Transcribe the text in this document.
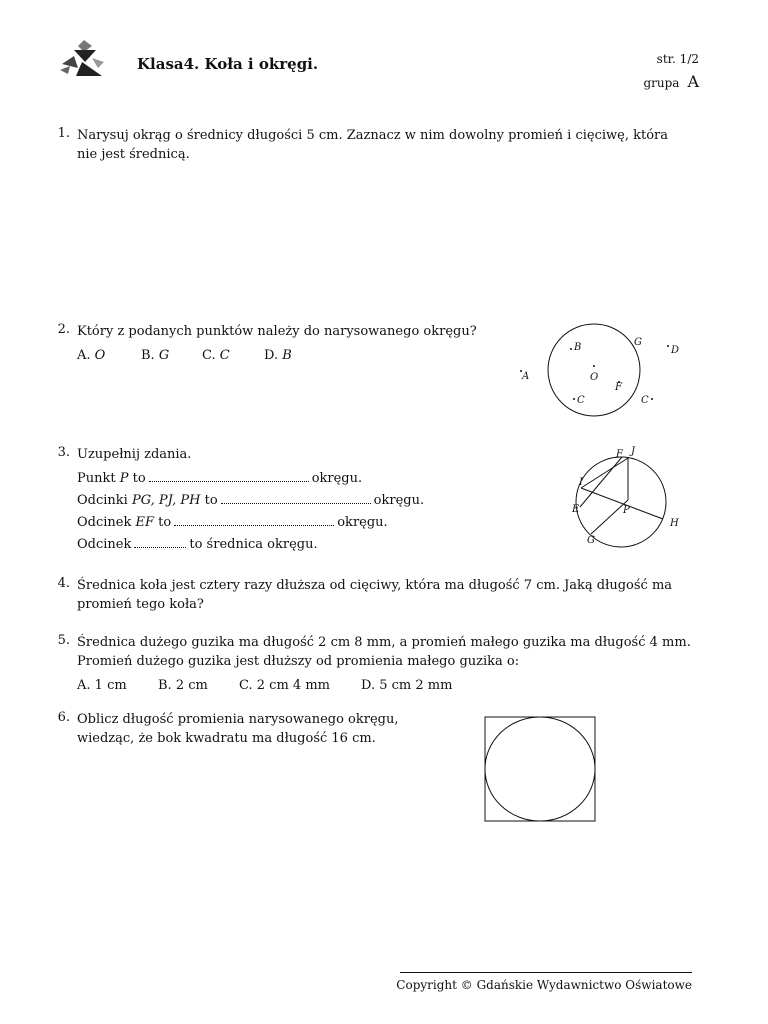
Klasa4. Koła i okręgi.	str. 1/2
grupa A
1. Narysuj okrąg o średnicy długości 5 cm. Zaznacz w nim dowolny promień i cięciwę, która
nie jest średnicą.
2. Który z podanych punktów należy do narysowanego okręgu?
A. O	B. G	C. C	D. B
B	G
D
A	O
F
C	C
3. Uzupełnij zdania.
Punkt P to	okręgu.
Odcinki PG, PJ, PH to	okręgu.
Odcinek EF to	okręgu.
Odcinek	to średnica okręgu.
F J
I
E	P
H
G
4. Średnica koła jest cztery razy dłuższa od cięciwy, która ma długość 7 cm. Jaką długość ma
promień tego koła?
5. Średnica dużego guzika ma długość 2 cm 8 mm, a promień małego guzika ma długość 4 mm.
Promień dużego guzika jest dłuższy od promienia małego guzika o:
A. 1 cm B. 2 cm C. 2 cm 4 mm D. 5 cm 2 mm
6. Oblicz długość promienia narysowanego okręgu,
wiedząc, że bok kwadratu ma długość 16 cm.
Copyright © Gdańskie Wydawnictwo Oświatowe
